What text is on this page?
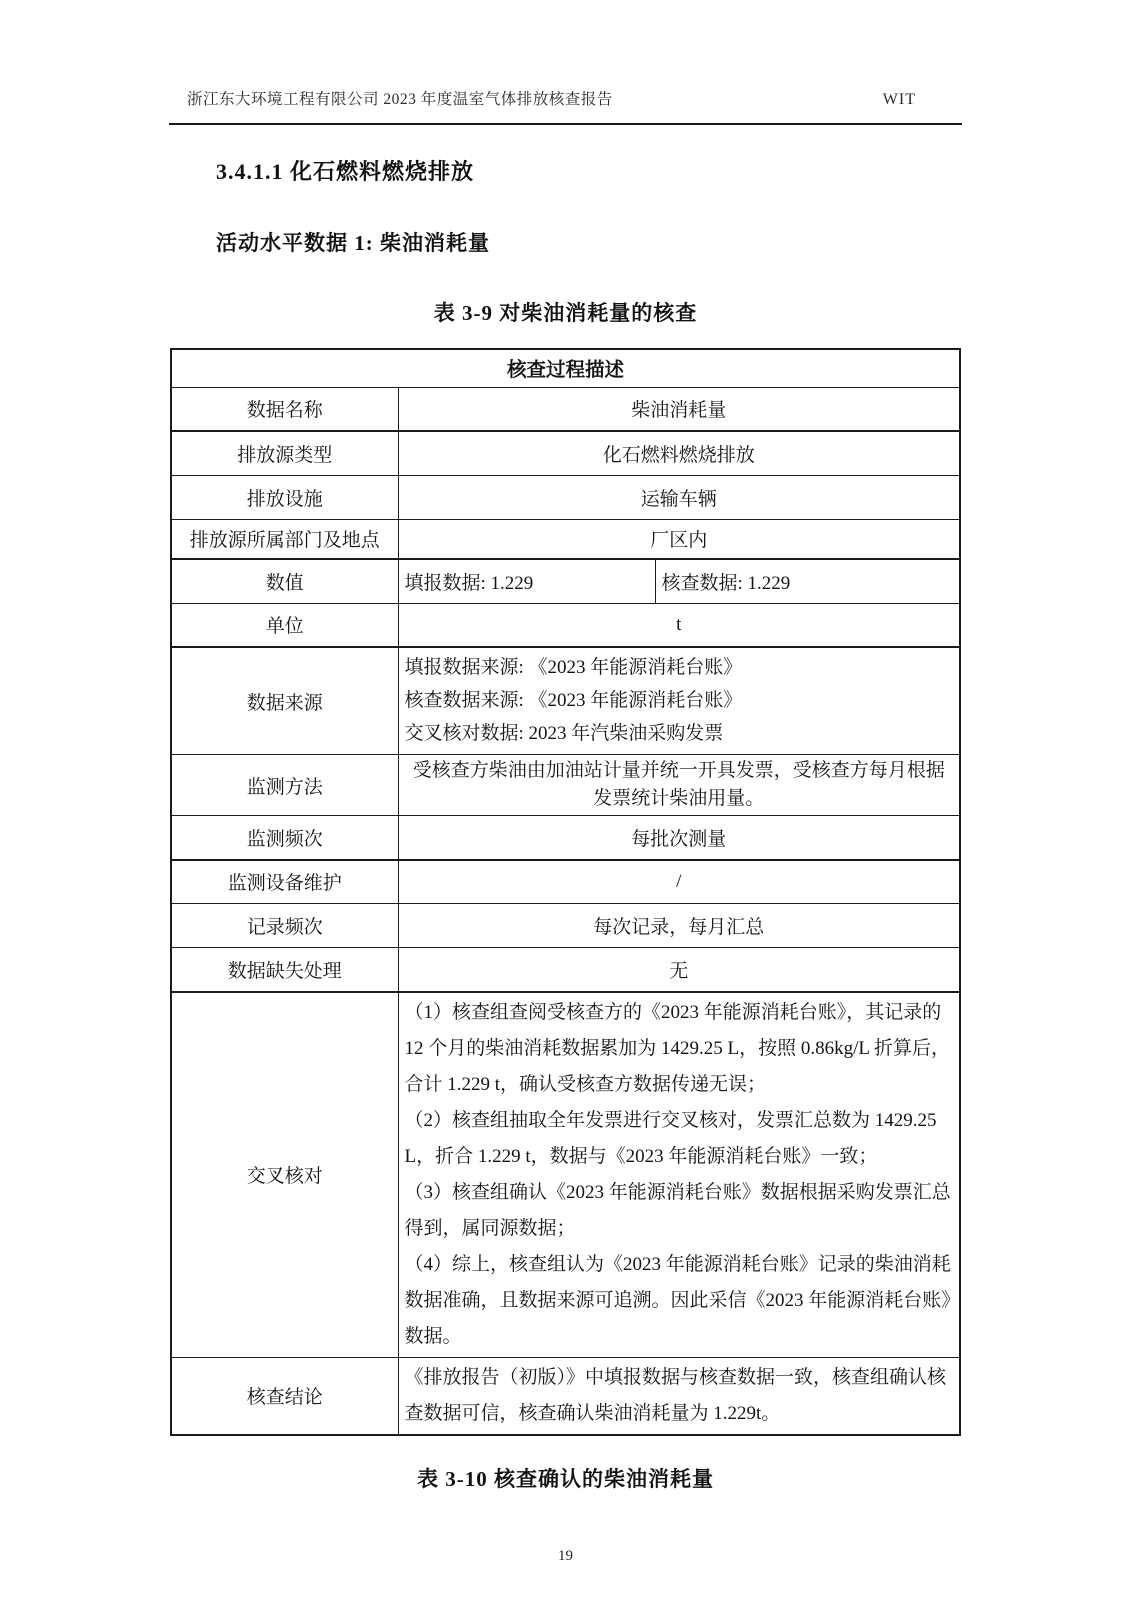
浙江东大环境工程有限公司 2023 年度温室气体排放核查报告	WIT
3.4.1.1 化石燃料燃烧排放
活动水平数据 1: 柴油消耗量
表 3-9 对柴油消耗量的核查
核查过程描述		
数据名称	柴油消耗量	
排放源类型	化石燃料燃烧排放	
排放设施	运输车辆	
排放源所属部门及地点	厂区内	
数值	填报数据: 1.229	核查数据: 1.229
单位	t	
数据来源	填报数据来源: 《2023 年能源消耗台账》
核查数据来源: 《2023 年能源消耗台账》
交叉核对数据: 2023 年汽柴油采购发票	

监测方法	受核查方柴油由加油站计量并统一开具发票，受核查方每月根据发票统计柴油用量。	
监测频次	每批次测量	
监测设备维护	/	
记录频次	每次记录，每月汇总	
数据缺失处理	无	
交叉核对	（1）核查组查阅受核查方的《2023 年能源消耗台账》，其记录的 12 个月的柴油消耗数据累加为 1429.25 L，按照 0.86kg/L 折算后，合计 1.229 t，确认受核查方数据传递无误；

（2）核查组抽取全年发票进行交叉核对，发票汇总数为 1429.25 L，折合 1.229 t，数据与《2023 年能源消耗台账》一致；

（3）核查组确认《2023 年能源消耗台账》数据根据采购发票汇总得到，属同源数据；

（4）综上，核查组认为《2023 年能源消耗台账》记录的柴油消耗数据准确，且数据来源可追溯。因此采信《2023 年能源消耗台账》数据。	

核查结论	《排放报告（初版）》中填报数据与核查数据一致，核查组确认核查数据可信，核查确认柴油消耗量为 1.229t。	

表 3-10 核查确认的柴油消耗量
19
